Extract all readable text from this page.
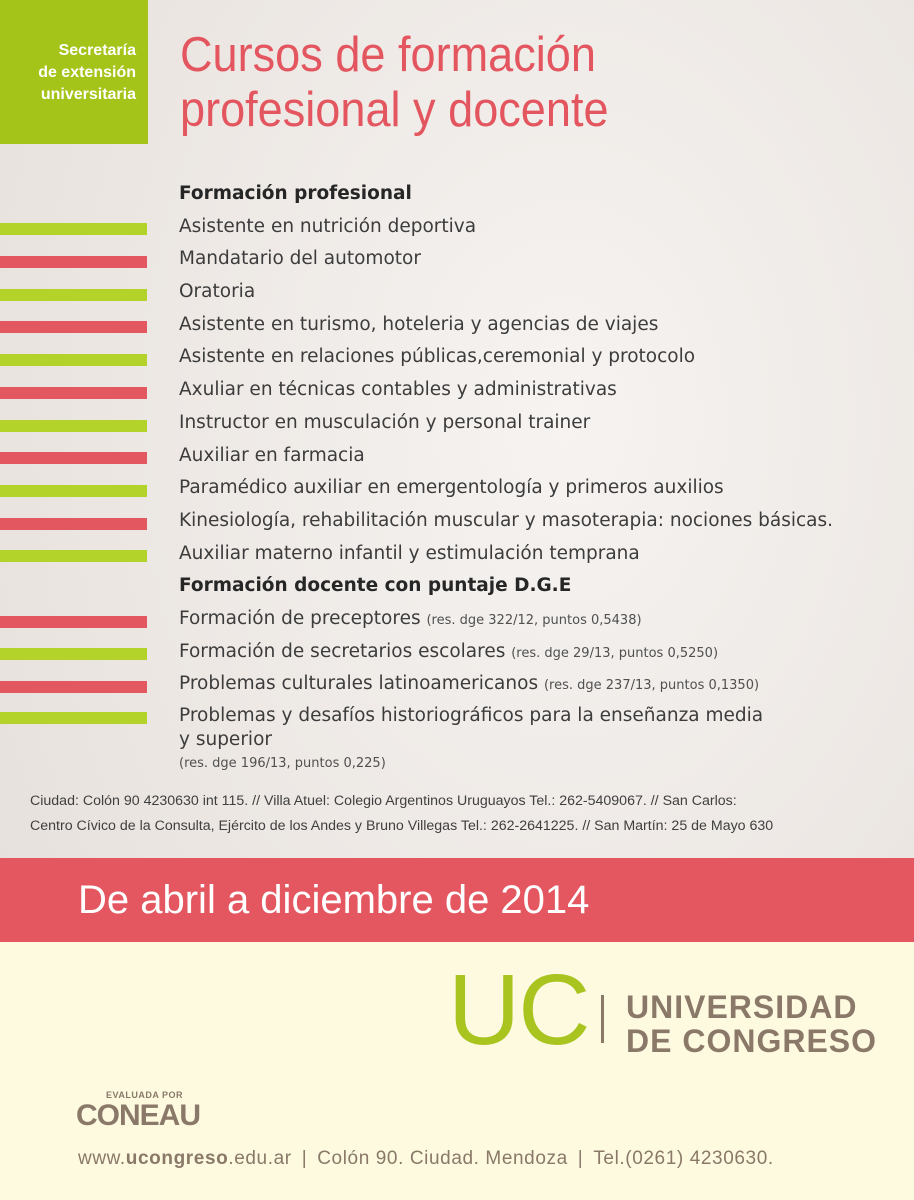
Secretaría
de extensión
universitaria
Cursos de formación
profesional y docente
Formación profesional
Asistente en nutrición deportiva
Mandatario del automotor
Oratoria
Asistente en turismo, hoteleria y agencias de viajes
Asistente en relaciones públicas,ceremonial y protocolo
Axuliar en técnicas contables y administrativas
Instructor en musculación y personal trainer
Auxiliar en farmacia
Paramédico auxiliar en emergentología y primeros auxilios
Kinesiología, rehabilitación muscular y masoterapia: nociones básicas.
Auxiliar materno infantil y estimulación temprana
Formación docente con puntaje D.G.E
Formación de preceptores (res. dge 322/12, puntos 0,5438)
Formación de secretarios escolares (res. dge 29/13, puntos 0,5250)
Problemas culturales latinoamericanos (res. dge 237/13, puntos 0,1350)
Problemas y desafíos historiográficos para la enseñanza media
y superior
(res. dge 196/13, puntos 0,225)
Ciudad: Colón 90 4230630 int 115. // Villa Atuel: Colegio Argentinos Uruguayos Tel.: 262-5409067. // San Carlos:
Centro Cívico de la Consulta, Ejército de los Andes y Bruno Villegas Tel.: 262-2641225. // San Martín: 25 de Mayo 630
De abril a diciembre de 2014
UC UNIVERSIDAD
DE CONGRESO
EVALUADA POR
CONEAU
www.ucongreso.edu.ar | Colón 90. Ciudad. Mendoza | Tel.(0261) 4230630.
